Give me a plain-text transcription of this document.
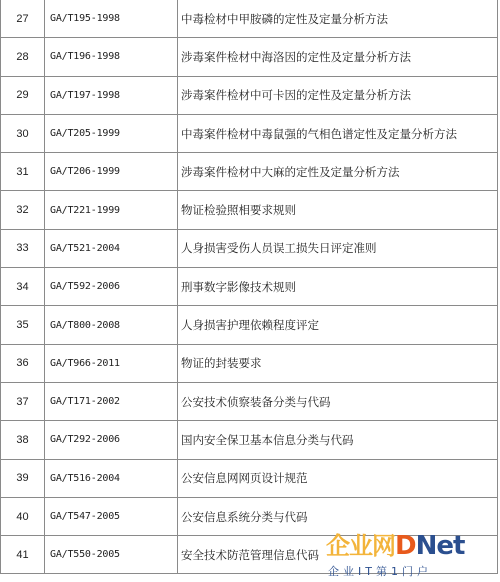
27	GA/T195-1998	中毒检材中甲胺磷的定性及定量分析方法
28	GA/T196-1998	涉毒案件检材中海洛因的定性及定量分析方法
29	GA/T197-1998	涉毒案件检材中可卡因的定性及定量分析方法
30	GA/T205-1999	中毒案件检材中毒鼠强的气相色谱定性及定量分析方法
31	GA/T206-1999	涉毒案件检材中大麻的定性及定量分析方法
32	GA/T221-1999	物证检验照相要求规则
33	GA/T521-2004	人身损害受伤人员误工损失日评定准则
34	GA/T592-2006	刑事数字影像技术规则
35	GA/T800-2008	人身损害护理依赖程度评定
36	GA/T966-2011	物证的封装要求
37	GA/T171-2002	公安技术侦察装备分类与代码
38	GA/T292-2006	国内安全保卫基本信息分类与代码
39	GA/T516-2004	公安信息网网页设计规范
40	GA/T547-2005	公安信息系统分类与代码
41	GA/T550-2005	安全技术防范管理信息代码 企业网DNet
企业IT第1门户
